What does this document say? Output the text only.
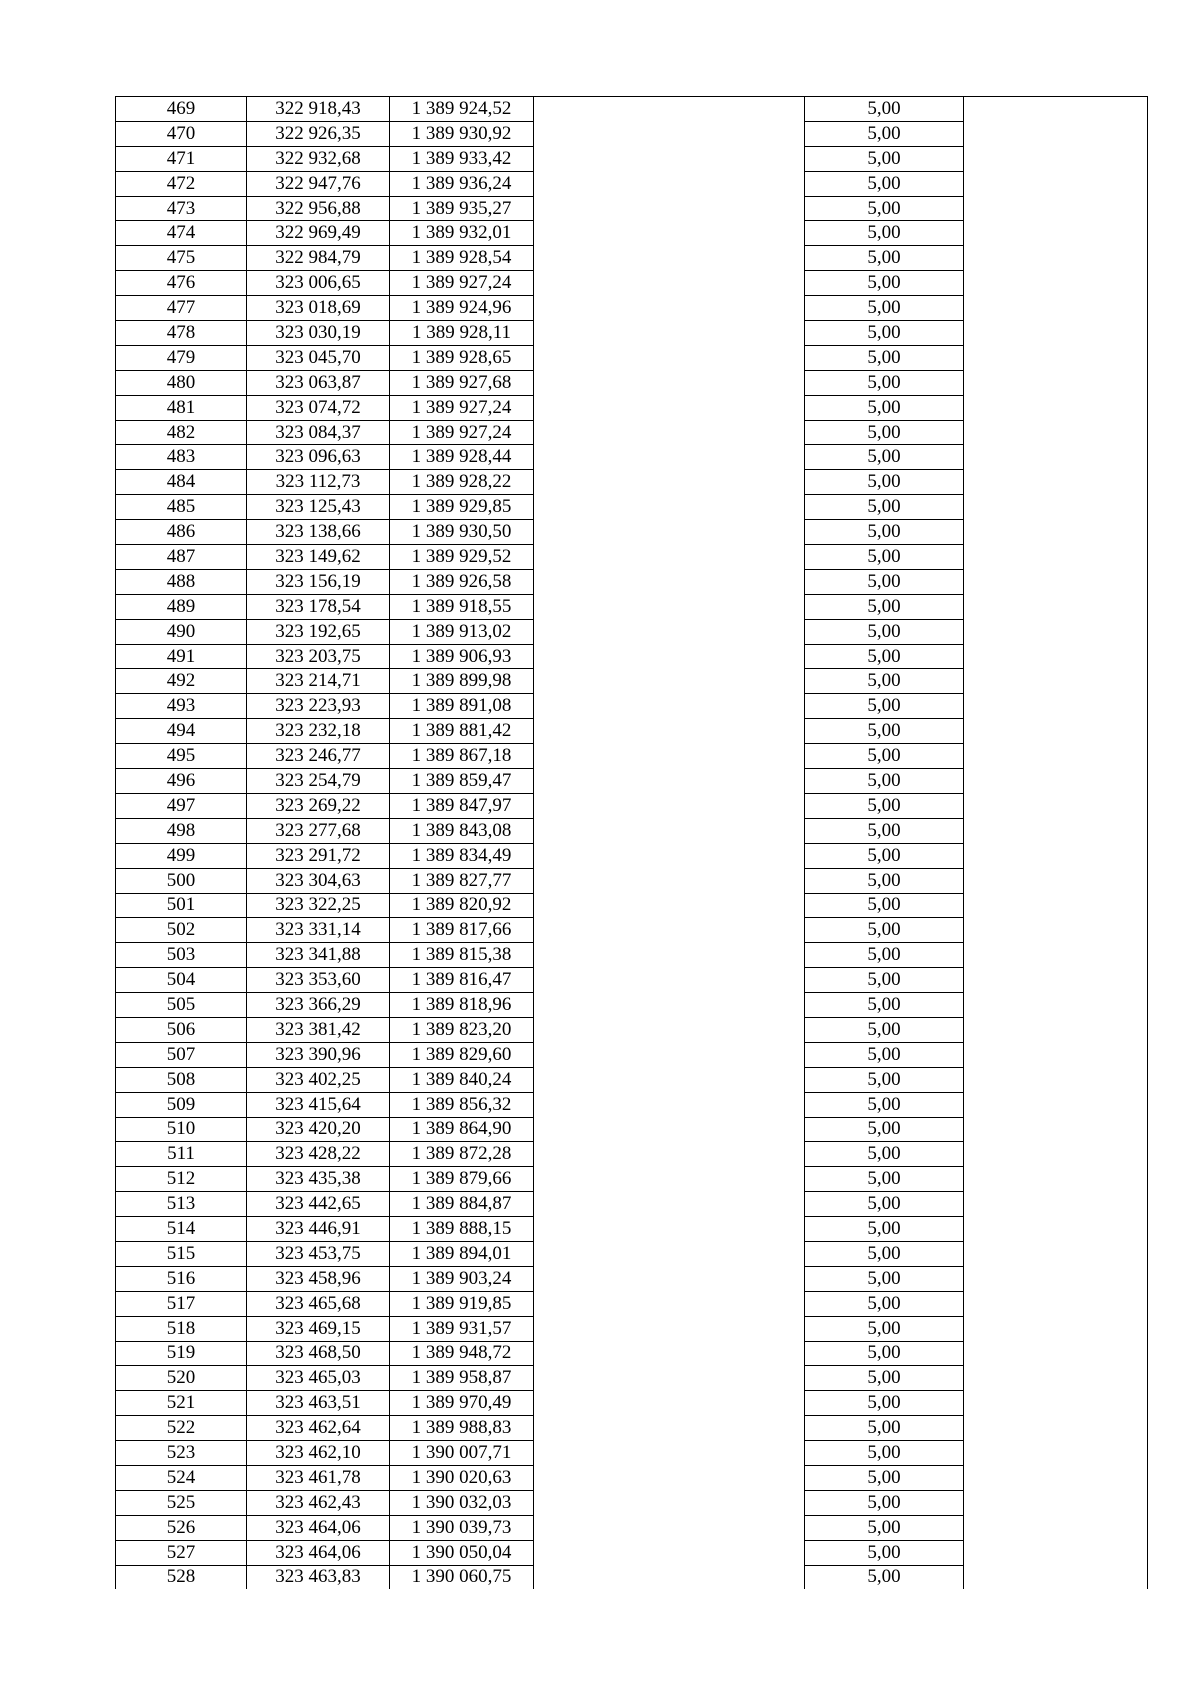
469	322 918,43	1 389 924,52		5,00	
470	322 926,35	1 389 930,92		5,00	
471	322 932,68	1 389 933,42		5,00	
472	322 947,76	1 389 936,24		5,00	
473	322 956,88	1 389 935,27		5,00	
474	322 969,49	1 389 932,01		5,00	
475	322 984,79	1 389 928,54		5,00	
476	323 006,65	1 389 927,24		5,00	
477	323 018,69	1 389 924,96		5,00	
478	323 030,19	1 389 928,11		5,00	
479	323 045,70	1 389 928,65		5,00	
480	323 063,87	1 389 927,68		5,00	
481	323 074,72	1 389 927,24		5,00	
482	323 084,37	1 389 927,24		5,00	
483	323 096,63	1 389 928,44		5,00	
484	323 112,73	1 389 928,22		5,00	
485	323 125,43	1 389 929,85		5,00	
486	323 138,66	1 389 930,50		5,00	
487	323 149,62	1 389 929,52		5,00	
488	323 156,19	1 389 926,58		5,00	
489	323 178,54	1 389 918,55		5,00	
490	323 192,65	1 389 913,02		5,00	
491	323 203,75	1 389 906,93		5,00	
492	323 214,71	1 389 899,98		5,00	
493	323 223,93	1 389 891,08		5,00	
494	323 232,18	1 389 881,42		5,00	
495	323 246,77	1 389 867,18		5,00	
496	323 254,79	1 389 859,47		5,00	
497	323 269,22	1 389 847,97		5,00	
498	323 277,68	1 389 843,08		5,00	
499	323 291,72	1 389 834,49		5,00	
500	323 304,63	1 389 827,77		5,00	
501	323 322,25	1 389 820,92		5,00	
502	323 331,14	1 389 817,66		5,00	
503	323 341,88	1 389 815,38		5,00	
504	323 353,60	1 389 816,47		5,00	
505	323 366,29	1 389 818,96		5,00	
506	323 381,42	1 389 823,20		5,00	
507	323 390,96	1 389 829,60		5,00	
508	323 402,25	1 389 840,24		5,00	
509	323 415,64	1 389 856,32		5,00	
510	323 420,20	1 389 864,90		5,00	
511	323 428,22	1 389 872,28		5,00	
512	323 435,38	1 389 879,66		5,00	
513	323 442,65	1 389 884,87		5,00	
514	323 446,91	1 389 888,15		5,00	
515	323 453,75	1 389 894,01		5,00	
516	323 458,96	1 389 903,24		5,00	
517	323 465,68	1 389 919,85		5,00	
518	323 469,15	1 389 931,57		5,00	
519	323 468,50	1 389 948,72		5,00	
520	323 465,03	1 389 958,87		5,00	
521	323 463,51	1 389 970,49		5,00	
522	323 462,64	1 389 988,83		5,00	
523	323 462,10	1 390 007,71		5,00	
524	323 461,78	1 390 020,63		5,00	
525	323 462,43	1 390 032,03		5,00	
526	323 464,06	1 390 039,73		5,00	
527	323 464,06	1 390 050,04		5,00	
528	323 463,83	1 390 060,75		5,00	
